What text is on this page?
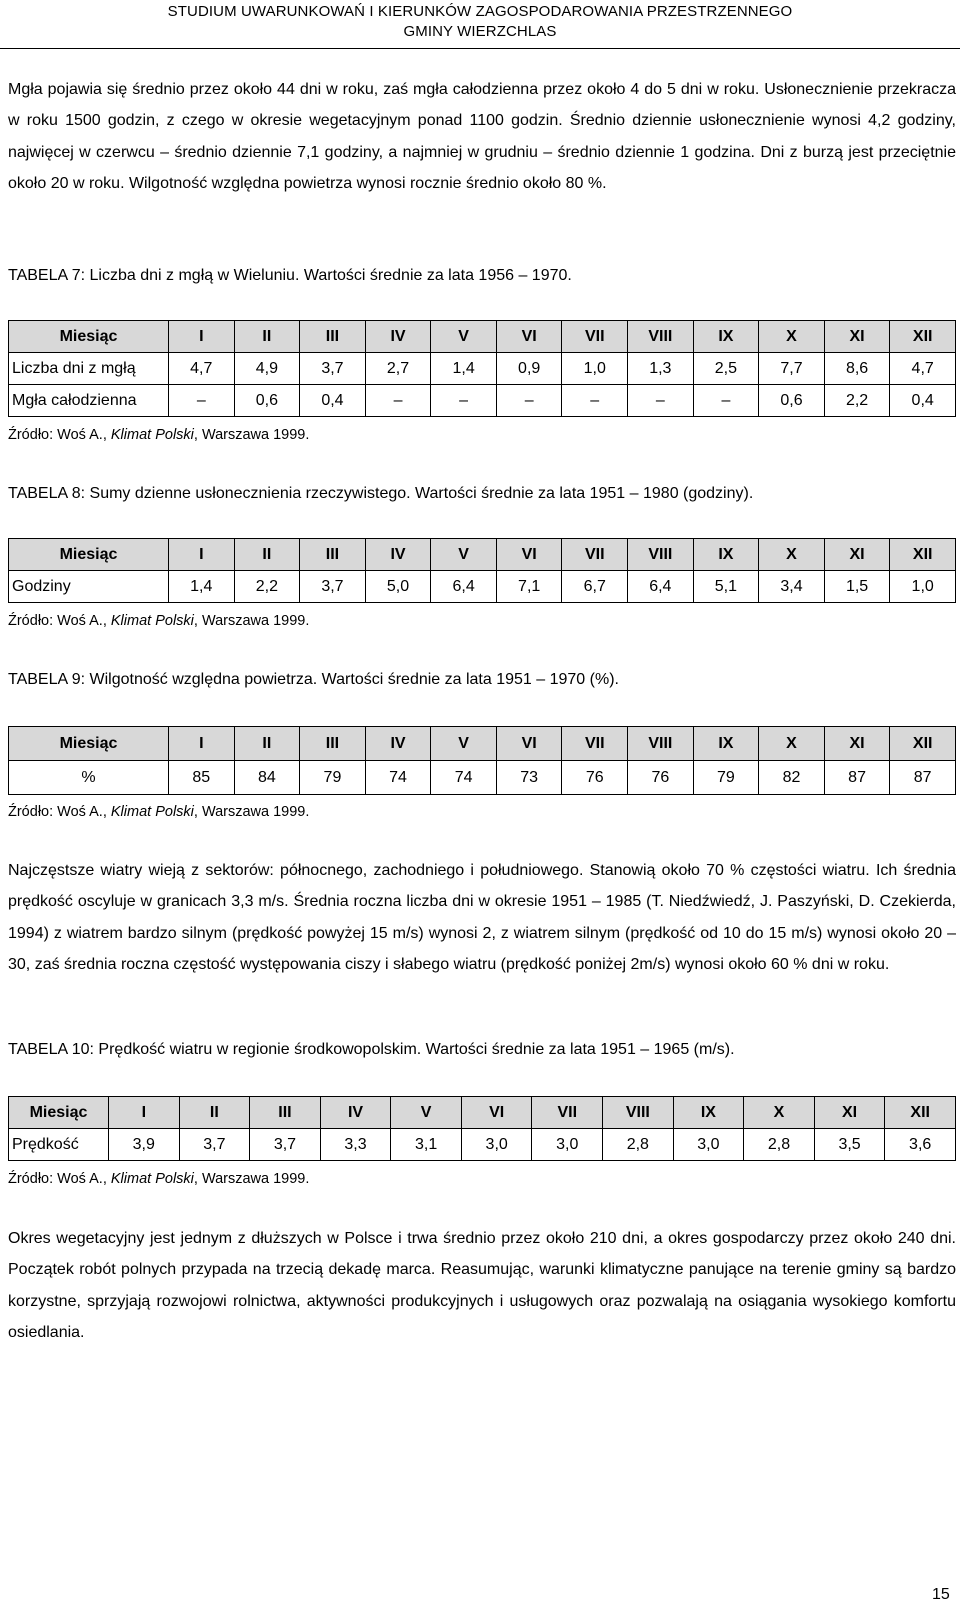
STUDIUM UWARUNKOWAŃ I KIERUNKÓW ZAGOSPODAROWANIA PRZESTRZENNEGO
GMINY WIERZCHLAS

Mgła pojawia się średnio przez około 44 dni w roku, zaś mgła całodzienna przez około 4 do 5 dni w roku. Usłonecznienie przekracza w roku 1500 godzin, z czego w okresie wegetacyjnym ponad 1100 godzin. Średnio dziennie usłonecznienie wynosi 4,2 godziny, najwięcej w czerwcu – średnio dziennie 7,1 godziny, a najmniej w grudniu – średnio dziennie 1 godzina. Dni z burzą jest przeciętnie około 20 w roku. Wilgotność względna powietrza wynosi rocznie średnio około 80 %.

TABELA 7: Liczba dni z mgłą w Wieluniu. Wartości średnie za lata 1956 – 1970.

Miesiąc	I	II	III	IV	V	VI	VII	VIII	IX	X	XI	XII
Liczba dni z mgłą	4,7	4,9	3,7	2,7	1,4	0,9	1,0	1,3	2,5	7,7	8,6	4,7
Mgła całodzienna	–	0,6	0,4	–	–	–	–	–	–	0,6	2,2	0,4

Źródło: Woś A., Klimat Polski, Warszawa 1999.

TABELA 8: Sumy dzienne usłonecznienia rzeczywistego. Wartości średnie za lata 1951 – 1980 (godziny).

Miesiąc	I	II	III	IV	V	VI	VII	VIII	IX	X	XI	XII
Godziny	1,4	2,2	3,7	5,0	6,4	7,1	6,7	6,4	5,1	3,4	1,5	1,0

Źródło: Woś A., Klimat Polski, Warszawa 1999.

TABELA 9: Wilgotność względna powietrza. Wartości średnie za lata 1951 – 1970 (%).

Miesiąc	I	II	III	IV	V	VI	VII	VIII	IX	X	XI	XII
%	85	84	79	74	74	73	76	76	79	82	87	87

Źródło: Woś A., Klimat Polski, Warszawa 1999.

Najczęstsze wiatry wieją z sektorów: północnego, zachodniego i południowego. Stanowią około 70 % częstości wiatru. Ich średnia prędkość oscyluje w granicach 3,3 m/s. Średnia roczna liczba dni w okresie 1951 – 1985 (T. Niedźwiedź, J. Paszyński, D. Czekierda, 1994) z wiatrem bardzo silnym (prędkość powyżej 15 m/s) wynosi 2, z wiatrem silnym (prędkość od 10 do 15 m/s) wynosi około 20 – 30, zaś średnia roczna częstość występowania ciszy i słabego wiatru (prędkość poniżej 2m/s) wynosi około 60 % dni w roku.

TABELA 10: Prędkość wiatru w regionie środkowopolskim. Wartości średnie za lata 1951 – 1965 (m/s).

Miesiąc	I	II	III	IV	V	VI	VII	VIII	IX	X	XI	XII
Prędkość	3,9	3,7	3,7	3,3	3,1	3,0	3,0	2,8	3,0	2,8	3,5	3,6

Źródło: Woś A., Klimat Polski, Warszawa 1999.

Okres wegetacyjny jest jednym z dłuższych w Polsce i trwa średnio przez około 210 dni, a okres gospodarczy przez około 240 dni. Początek robót polnych przypada na trzecią dekadę marca. Reasumując, warunki klimatyczne panujące na terenie gminy są bardzo korzystne, sprzyjają rozwojowi rolnictwa, aktywności produkcyjnych i usługowych oraz pozwalają na osiągania wysokiego komfortu osiedlania.

15
